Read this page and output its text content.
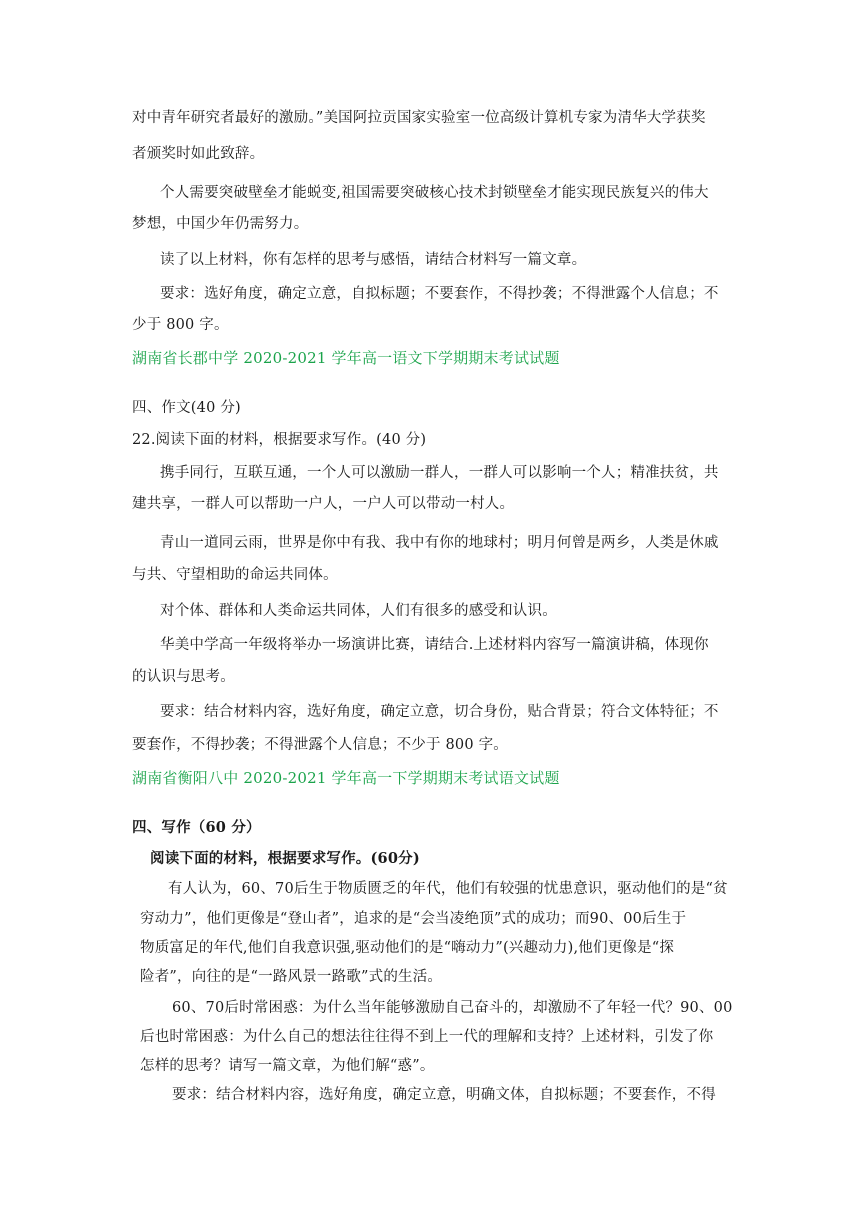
对中青年研究者最好的激励。”美国阿拉贡国家实验室一位高级计算机专家为清华大学获奖
者颁奖时如此致辞。
个人需要突破壁垒才能蜕变,祖国需要突破核心技术封锁壁垒才能实现民族复兴的伟大
梦想，中国少年仍需努力。
读了以上材料，你有怎样的思考与感悟，请结合材料写一篇文章。
要求：选好角度，确定立意，自拟标题；不要套作，不得抄袭；不得泄露个人信息；不
少于 800 字。
湖南省长郡中学 2020-2021 学年高一语文下学期期末考试试题
四、作文(40 分)
22.阅读下面的材料，根据要求写作。(40 分)
携手同行，互联互通，一个人可以激励一群人，一群人可以影响一个人；精准扶贫，共
建共享，一群人可以帮助一户人，一户人可以带动一村人。
青山一道同云雨，世界是你中有我、我中有你的地球村；明月何曾是两乡，人类是休戚
与共、守望相助的命运共同体。
对个体、群体和人类命运共同体，人们有很多的感受和认识。
华美中学高一年级将举办一场演讲比赛，请结合.上述材料内容写一篇演讲稿，体现你
的认识与思考。
要求：结合材料内容，选好角度，确定立意，切合身份，贴合背景；符合文体特征；不
要套作，不得抄袭；不得泄露个人信息；不少于 800 字。
湖南省衡阳八中 2020-2021 学年高一下学期期末考试语文试题
四、写作（60 分）
阅读下面的材料，根据要求写作。(60分)
有人认为，60、70后生于物质匮乏的年代，他们有较强的忧患意识，驱动他们的是“贫
穷动力”，他们更像是“登山者”，追求的是“会当凌绝顶”式的成功；而90、00后生于
物质富足的年代,他们自我意识强,驱动他们的是“嗨动力”(兴趣动力),他们更像是“探
险者”，向往的是“一路风景一路歌”式的生活。
60、70后时常困惑：为什么当年能够激励自己奋斗的，却激励不了年轻一代？90、00
后也时常困惑：为什么自己的想法往往得不到上一代的理解和支持？上述材料，引发了你
怎样的思考？请写一篇文章，为他们解“惑”。
要求：结合材料内容，选好角度，确定立意，明确文体，自拟标题；不要套作，不得
